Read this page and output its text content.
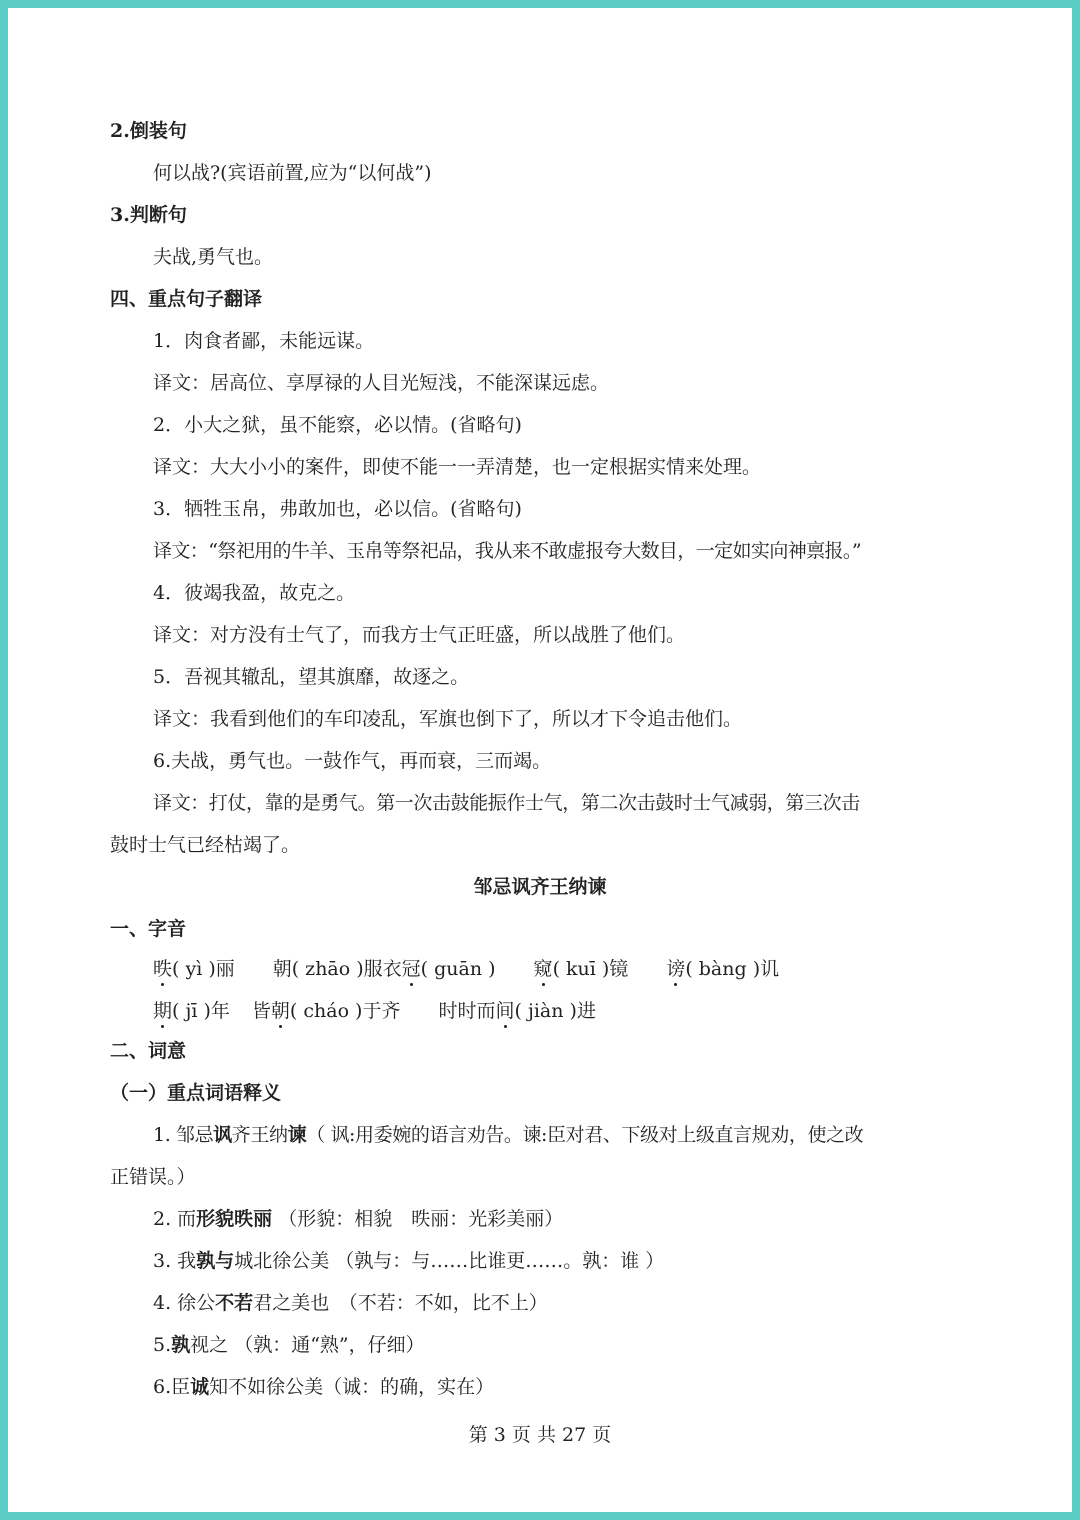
2.倒装句
何以战?(宾语前置,应为“以何战”)
3.判断句
夫战,勇气也。
四、重点句子翻译
1．肉食者鄙，未能远谋。
译文：居高位、享厚禄的人目光短浅，不能深谋远虑。
2．小大之狱，虽不能察，必以情。(省略句)
译文：大大小小的案件，即使不能一一弄清楚，也一定根据实情来处理。
3．牺牲玉帛，弗敢加也，必以信。(省略句)
译文：“祭祀用的牛羊、玉帛等祭祀品，我从来不敢虚报夸大数目，一定如实向神禀报。”
4．彼竭我盈，故克之。
译文：对方没有士气了，而我方士气正旺盛，所以战胜了他们。
5．吾视其辙乱，望其旗靡，故逐之。
译文：我看到他们的车印凌乱，军旗也倒下了，所以才下令追击他们。
6.夫战，勇气也。一鼓作气，再而衰，三而竭。
译文：打仗，靠的是勇气。第一次击鼓能振作士气，第二次击鼓时士气减弱，第三次击
鼓时士气已经枯竭了。
邹忌讽齐王纳谏
一、字音
昳( yì )丽 朝( zhāo )服衣冠( guān ) 窥( kuī )镜 谤( bàng )讥
期( jī )年 皆朝( cháo )于齐 时时而间( jiàn )进
二、词意
（一）重点词语释义
1. 邹忌讽齐王纳谏（ 讽:用委婉的语言劝告。谏:臣对君、下级对上级直言规劝，使之改
正错误。）
2. 而形貌昳丽 （形貌：相貌　昳丽：光彩美丽）
3. 我孰与城北徐公美 （孰与：与……比谁更……。孰：谁 ）
4. 徐公不若君之美也　（不若：不如，比不上）
5.孰视之 （孰：通“熟”，仔细）
6.臣诚知不如徐公美（诚：的确，实在）
第 3 页 共 27 页
